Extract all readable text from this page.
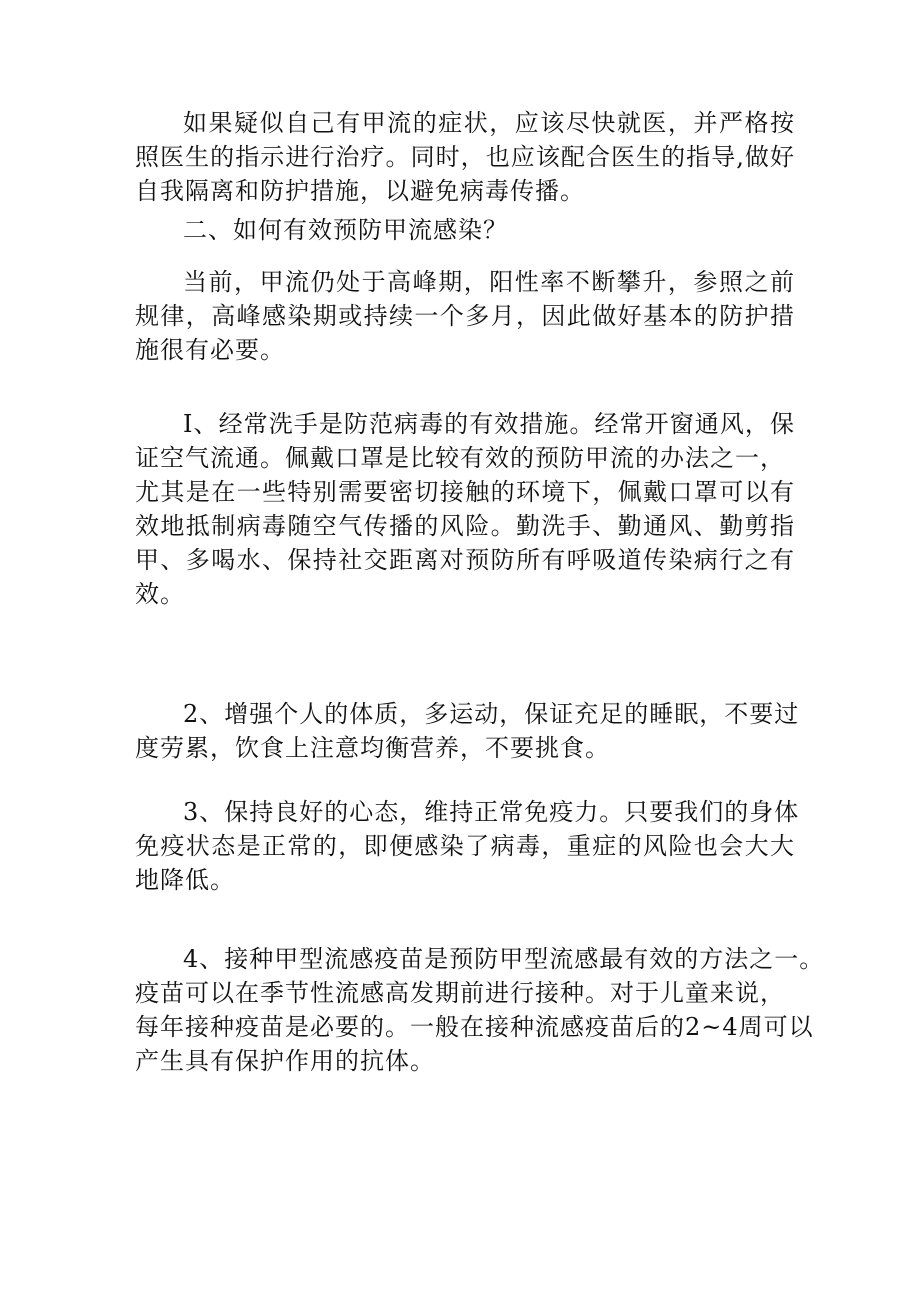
如果疑似自己有甲流的症状，应该尽快就医，并严格按
照医生的指示进行治疗。同时，也应该配合医生的指导,做好
自我隔离和防护措施，以避免病毒传播。
二、如何有效预防甲流感染？
当前，甲流仍处于高峰期，阳性率不断攀升，参照之前
规律，高峰感染期或持续一个多月，因此做好基本的防护措
施很有必要。
I、经常洗手是防范病毒的有效措施。经常开窗通风，保
证空气流通。佩戴口罩是比较有效的预防甲流的办法之一，
尤其是在一些特别需要密切接触的环境下，佩戴口罩可以有
效地抵制病毒随空气传播的风险。勤洗手、勤通风、勤剪指
甲、多喝水、保持社交距离对预防所有呼吸道传染病行之有
效。
2、增强个人的体质，多运动，保证充足的睡眠，不要过
度劳累，饮食上注意均衡营养，不要挑食。
3、保持良好的心态，维持正常免疫力。只要我们的身体
免疫状态是正常的，即便感染了病毒，重症的风险也会大大
地降低。
4、接种甲型流感疫苗是预防甲型流感最有效的方法之一。
疫苗可以在季节性流感高发期前进行接种。对于儿童来说，
每年接种疫苗是必要的。一般在接种流感疫苗后的2~4周可以
产生具有保护作用的抗体。
